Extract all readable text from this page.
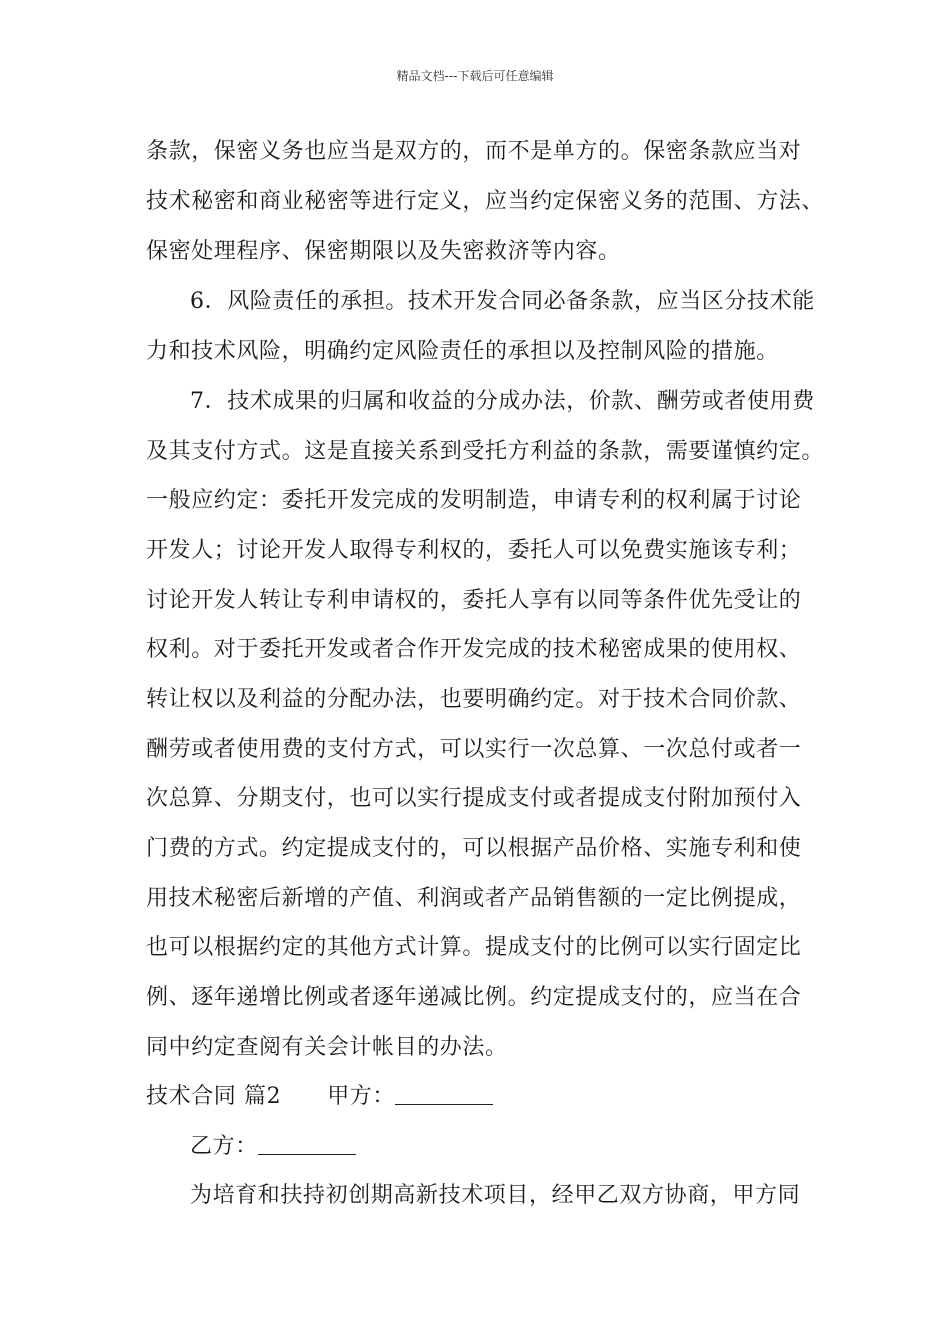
精品文档---下载后可任意编辑
条款，保密义务也应当是双方的，而不是单方的。保密条款应当对
技术秘密和商业秘密等进行定义，应当约定保密义务的范围、方法、
保密处理程序、保密期限以及失密救济等内容。
6．风险责任的承担。技术开发合同必备条款，应当区分技术能
力和技术风险，明确约定风险责任的承担以及控制风险的措施。
7．技术成果的归属和收益的分成办法，价款、酬劳或者使用费
及其支付方式。这是直接关系到受托方利益的条款，需要谨慎约定。
一般应约定：委托开发完成的发明制造，申请专利的权利属于讨论
开发人；讨论开发人取得专利权的，委托人可以免费实施该专利；
讨论开发人转让专利申请权的，委托人享有以同等条件优先受让的
权利。对于委托开发或者合作开发完成的技术秘密成果的使用权、
转让权以及利益的分配办法，也要明确约定。对于技术合同价款、
酬劳或者使用费的支付方式，可以实行一次总算、一次总付或者一
次总算、分期支付，也可以实行提成支付或者提成支付附加预付入
门费的方式。约定提成支付的，可以根据产品价格、实施专利和使
用技术秘密后新增的产值、利润或者产品销售额的一定比例提成，
也可以根据约定的其他方式计算。提成支付的比例可以实行固定比
例、逐年递增比例或者逐年递减比例。约定提成支付的，应当在合
同中约定查阅有关会计帐目的办法。
技术合同 篇2 甲方：
乙方：
为培育和扶持初创期高新技术项目，经甲乙双方协商，甲方同
